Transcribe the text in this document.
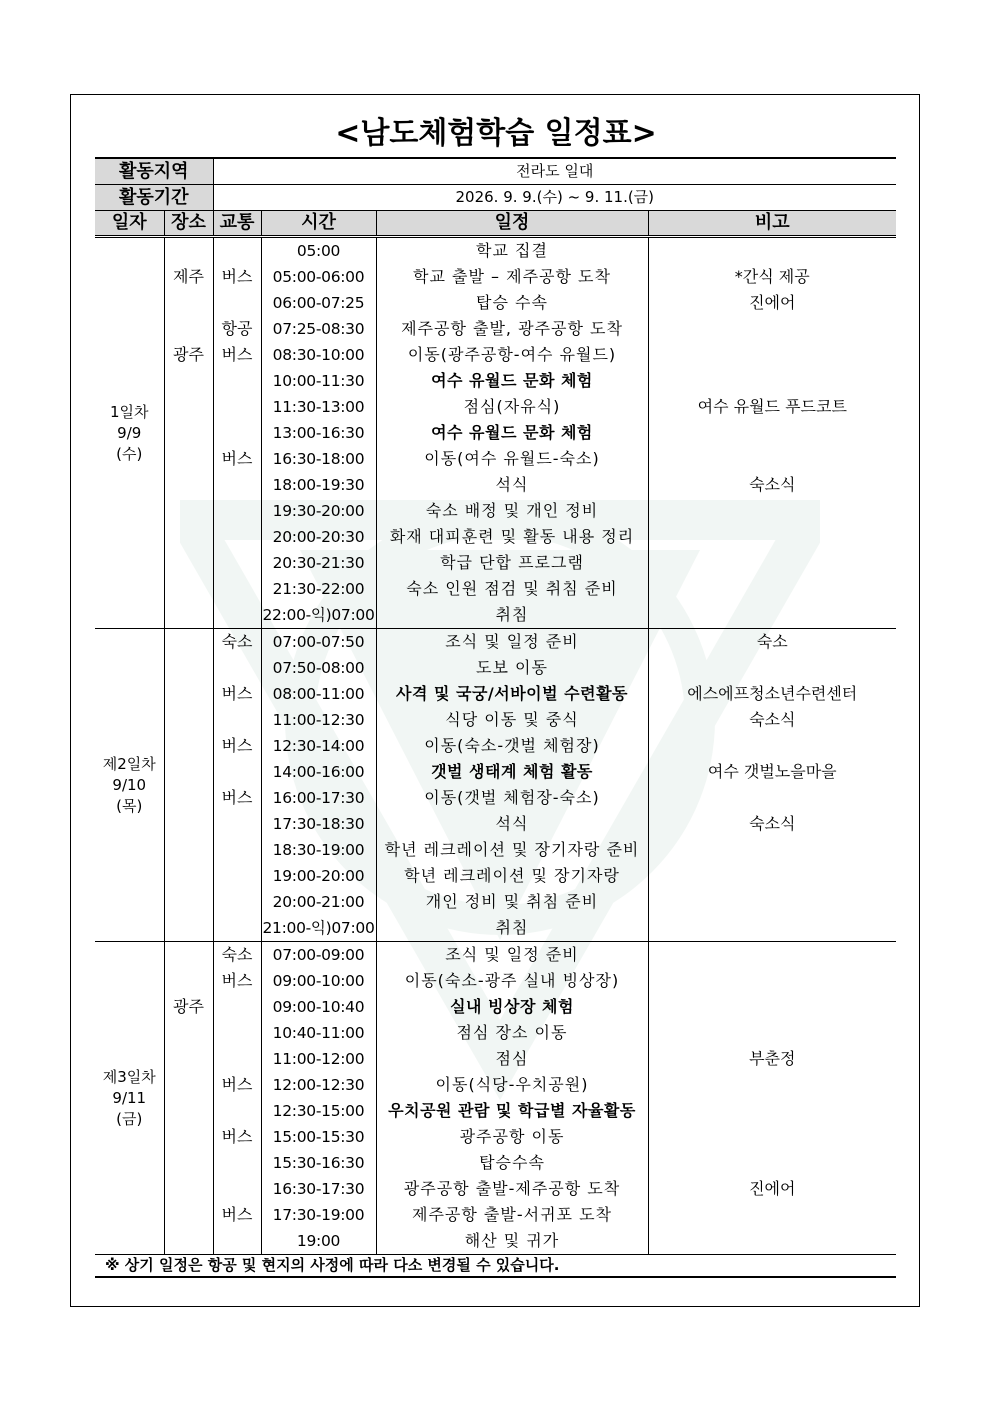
<남도체험학습 일정표>
활동지역		전라도 일대			
활동기간		2026. 9. 9.(수) ~ 9. 11.(금)			
일자	장소	교통	시간	일정	비고
1일차
9/9
(수)			05:00	학교 집결	
	제주	버스	05:00-06:00	학교 출발 – 제주공항 도착	*간식 제공
			06:00-07:25	탑승 수속	진에어
		항공	07:25-08:30	제주공항 출발, 광주공항 도착	
	광주	버스	08:30-10:00	이동(광주공항-여수 유월드)	
			10:00-11:30	여수 유월드 문화 체험	
			11:30-13:00	점심(자유식)	여수 유월드 푸드코트
			13:00-16:30	여수 유월드 문화 체험	
		버스	16:30-18:00	이동(여수 유월드-숙소)	
			18:00-19:30	석식	숙소식
			19:30-20:00	숙소 배정 및 개인 정비	
			20:00-20:30	화재 대피훈련 및 활동 내용 정리	
			20:30-21:30	학급 단합 프로그램	
			21:30-22:00	숙소 인원 점검 및 취침 준비	
			22:00-익)07:00	취침	
제2일차
9/10
(목)		숙소	07:00-07:50	조식 및 일정 준비	숙소
			07:50-08:00	도보 이동	
		버스	08:00-11:00	사격 및 국궁/서바이벌 수련활동	에스에프청소년수련센터
			11:00-12:30	식당 이동 및 중식	숙소식
		버스	12:30-14:00	이동(숙소-갯벌 체험장)	
			14:00-16:00	갯벌 생태계 체험 활동	여수 갯벌노을마을
		버스	16:00-17:30	이동(갯벌 체험장-숙소)	
			17:30-18:30	석식	숙소식
			18:30-19:00	학년 레크레이션 및 장기자랑 준비	
			19:00-20:00	학년 레크레이션 및 장기자랑	
			20:00-21:00	개인 정비 및 취침 준비	
			21:00-익)07:00	취침	
제3일차
9/11
(금)		숙소	07:00-09:00	조식 및 일정 준비	
		버스	09:00-10:00	이동(숙소-광주 실내 빙상장)	
	광주		09:00-10:40	실내 빙상장 체험	
			10:40-11:00	점심 장소 이동	
			11:00-12:00	점심	부춘정
		버스	12:00-12:30	이동(식당-우치공원)	
			12:30-15:00	우치공원 관람 및 학급별 자율활동	
		버스	15:00-15:30	광주공항 이동	
			15:30-16:30	탑승수속	
			16:30-17:30	광주공항 출발-제주공항 도착	진에어
		버스	17:30-19:00	제주공항 출발-서귀포 도착	
			19:00	해산 및 귀가	
※ 상기 일정은 항공 및 현지의 사정에 따라 다소 변경될 수 있습니다.					
